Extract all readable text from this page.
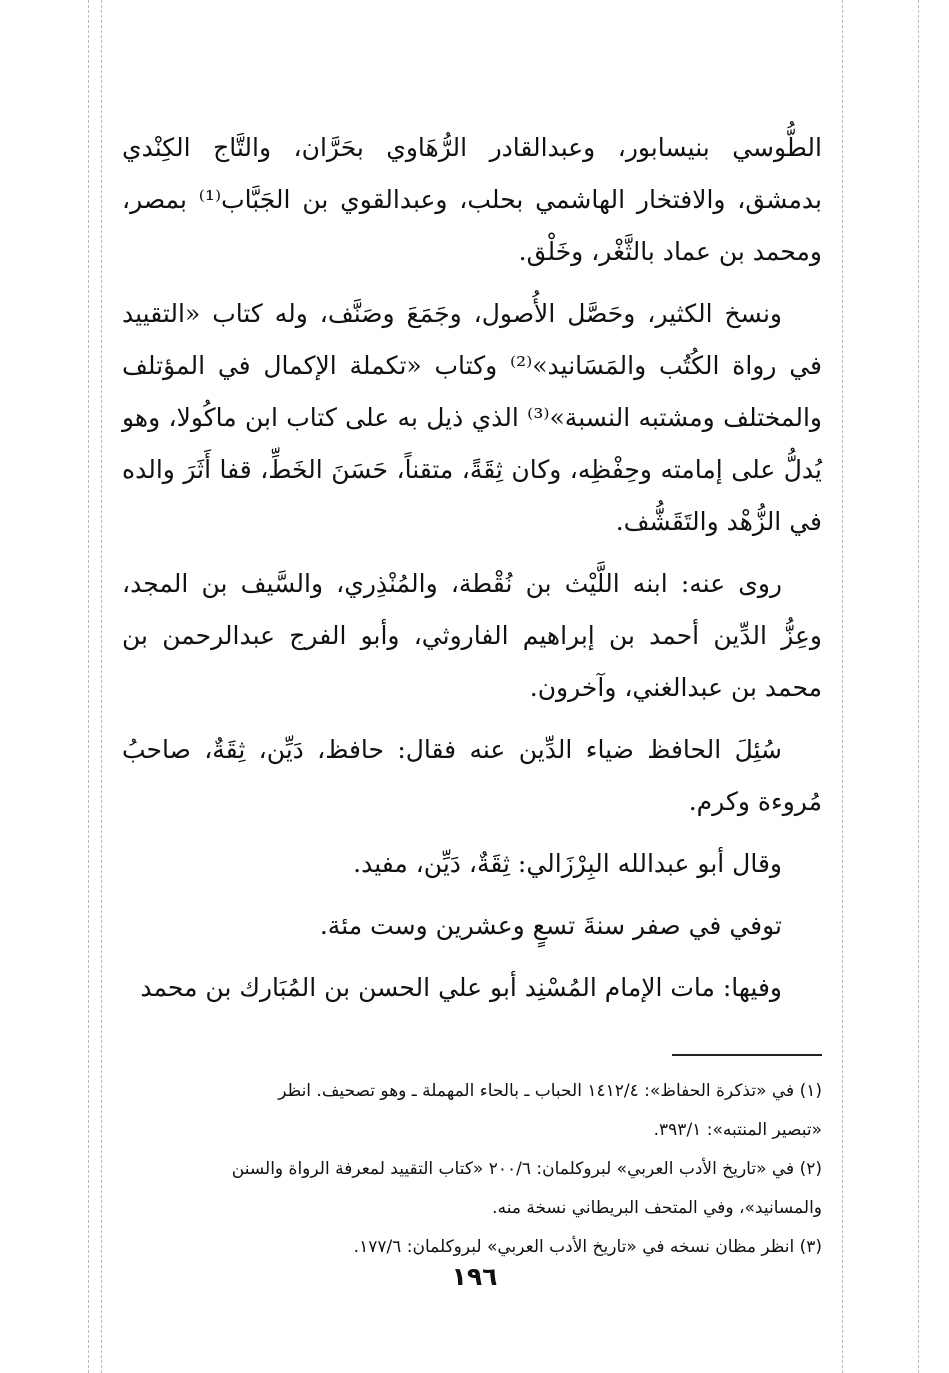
الطُّوسي بنيسابور، وعبدالقادر الرُّهَاوي بحَرَّان، والتَّاج الكِنْدي بدمشق، والافتخار الهاشمي بحلب، وعبدالقوي بن الجَبَّاب⁽¹⁾ بمصر، ومحمد بن عماد بالثَّغْر، وخَلْق.

ونسخ الكثير، وحَصَّل الأُصول، وجَمَعَ وصَنَّف، وله كتاب «التقييد في رواة الكُتُب والمَسَانيد»⁽²⁾ وكتاب «تكملة الإكمال في المؤتلف والمختلف ومشتبه النسبة»⁽³⁾ الذي ذيل به على كتاب ابن ماكُولا، وهو يُدلُّ على إمامته وحِفْظِه، وكان ثِقَةً، متقناً، حَسَنَ الخَطِّ، قفا أَثَرَ والده في الزُّهْد والتَقَشُّف.

روى عنه: ابنه اللَّيْث بن نُقْطة، والمُنْذِري، والسَّيف بن المجد، وعِزُّ الدِّين أحمد بن إبراهيم الفاروثي، وأبو الفرج عبدالرحمن بن محمد بن عبدالغني، وآخرون.

سُئِلَ الحافظ ضياء الدِّين عنه فقال: حافظ، دَيِّن، ثِقَةٌ، صاحبُ مُروءة وكرم.

وقال أبو عبدالله البِرْزَالي: ثِقَةٌ، دَيِّن، مفيد.

توفي في صفر سنةَ تسعٍ وعشرين وست مئة.

وفيها: مات الإمام المُسْنِد أبو علي الحسن بن المُبَارك بن محمد

(١) في «تذكرة الحفاظ»: ١٤١٢/٤ الحباب ـ بالحاء المهملة ـ وهو تصحيف. انظر

«تبصير المنتبه»: ٣٩٣/١.

(٢) في «تاريخ الأدب العربي» لبروكلمان: ٢٠٠/٦ «كتاب التقييد لمعرفة الرواة والسنن

والمسانيد»، وفي المتحف البريطاني نسخة منه.

(٣) انظر مظان نسخه في «تاريخ الأدب العربي» لبروكلمان: ١٧٧/٦.

١٩٦
